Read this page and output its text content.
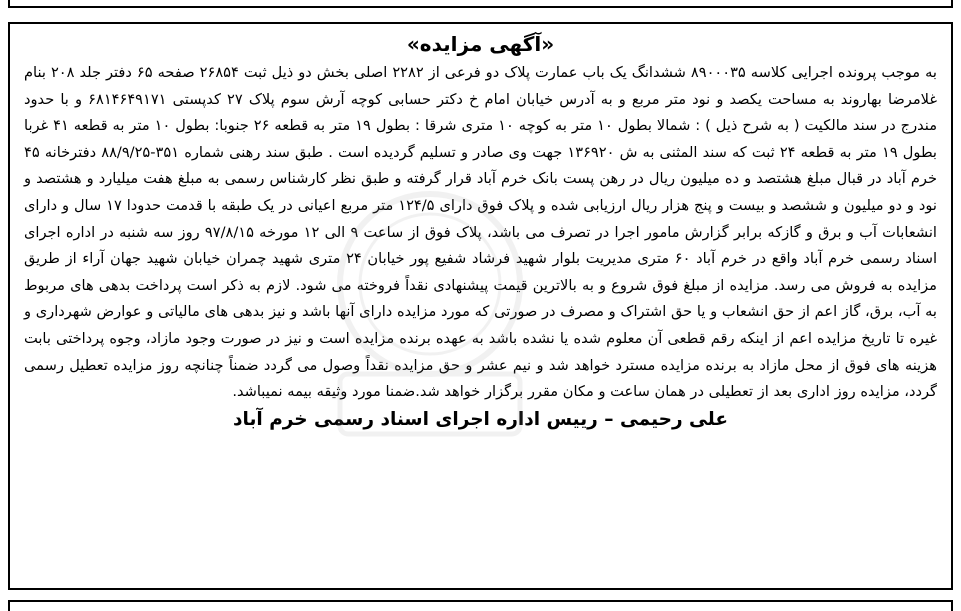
«آگهی مزایده»

به موجب پرونده اجرایی کلاسه ۸۹۰۰۰۳۵ ششدانگ یک باب عمارت پلاک دو فرعی از ۲۲۸۲ اصلی بخش دو ذیل ثبت ۲۶۸۵۴ صفحه ۶۵ دفتر جلد ۲۰۸ بنام غلامرضا بهاروند به مساحت یکصد و نود متر مربع و به آدرس خیابان امام خ دکتر حسابی کوچه آرش سوم پلاک ۲۷ کدپستی ۶۸۱۴۶۴۹۱۷۱ و با حدود مندرج در سند مالکیت ( به شرح ذیل ) : شمالا بطول ۱۰ متر به کوچه ۱۰ متری شرقا : بطول ۱۹ متر به قطعه ۲۶ جنوبا: بطول ۱۰ متر به قطعه ۴۱ غربا بطول ۱۹ متر به قطعه ۲۴ ثبت که سند المثنی به ش ۱۳۶۹۲۰ جهت وی صادر و تسلیم گردیده است . طبق سند رهنی شماره ۳۵۱-۸۸/۹/۲۵ دفترخانه ۴۵ خرم آباد در قبال مبلغ هشتصد و ده میلیون ریال در رهن پست بانک خرم آباد قرار گرفته و طبق نظر کارشناس رسمی به مبلغ هفت میلیارد و هشتصد و نود و دو میلیون و ششصد و بیست و پنج هزار ریال ارزیابی شده و پلاک فوق دارای ۱۲۴/۵ متر مربع اعیانی در یک طبقه با قدمت حدودا ۱۷ سال و دارای انشعابات آب و برق و گازکه برابر گزارش مامور اجرا در تصرف می باشد، پلاک فوق از ساعت ۹ الی ۱۲ مورخه ۹۷/۸/۱۵ روز سه شنبه در اداره اجرای اسناد رسمی خرم آباد واقع در خرم آباد ۶۰ متری مدیریت بلوار شهید فرشاد شفیع پور خیابان ۲۴ متری شهید چمران خیابان شهید جهان آراء از طریق مزایده به فروش می رسد. مزایده از مبلغ فوق شروع و به بالاترین قیمت پیشنهادی نقداً فروخته می شود. لازم به ذکر است پرداخت بدهی های مربوط به آب، برق، گاز اعم از حق انشعاب و یا حق اشتراک و مصرف در صورتی که مورد مزایده دارای آنها باشد و نیز بدهی های مالیاتی و عوارض شهرداری و غیره تا تاریخ مزایده اعم از اینکه رقم قطعی آن معلوم شده یا نشده باشد به عهده برنده مزایده است و نیز در صورت وجود مازاد، وجوه پرداختی بابت هزینه های فوق از محل مازاد به برنده مزایده مسترد خواهد شد و نیم عشر و حق مزایده نقداً وصول می گردد ضمناً چنانچه روز مزایده تعطیل رسمی گردد، مزایده روز اداری بعد از تعطیلی در همان ساعت و مکان مقرر برگزار خواهد شد.ضمنا مورد وثیقه بیمه نمیباشد.

علی رحیمی – رییس اداره اجرای اسناد رسمی خرم آباد
